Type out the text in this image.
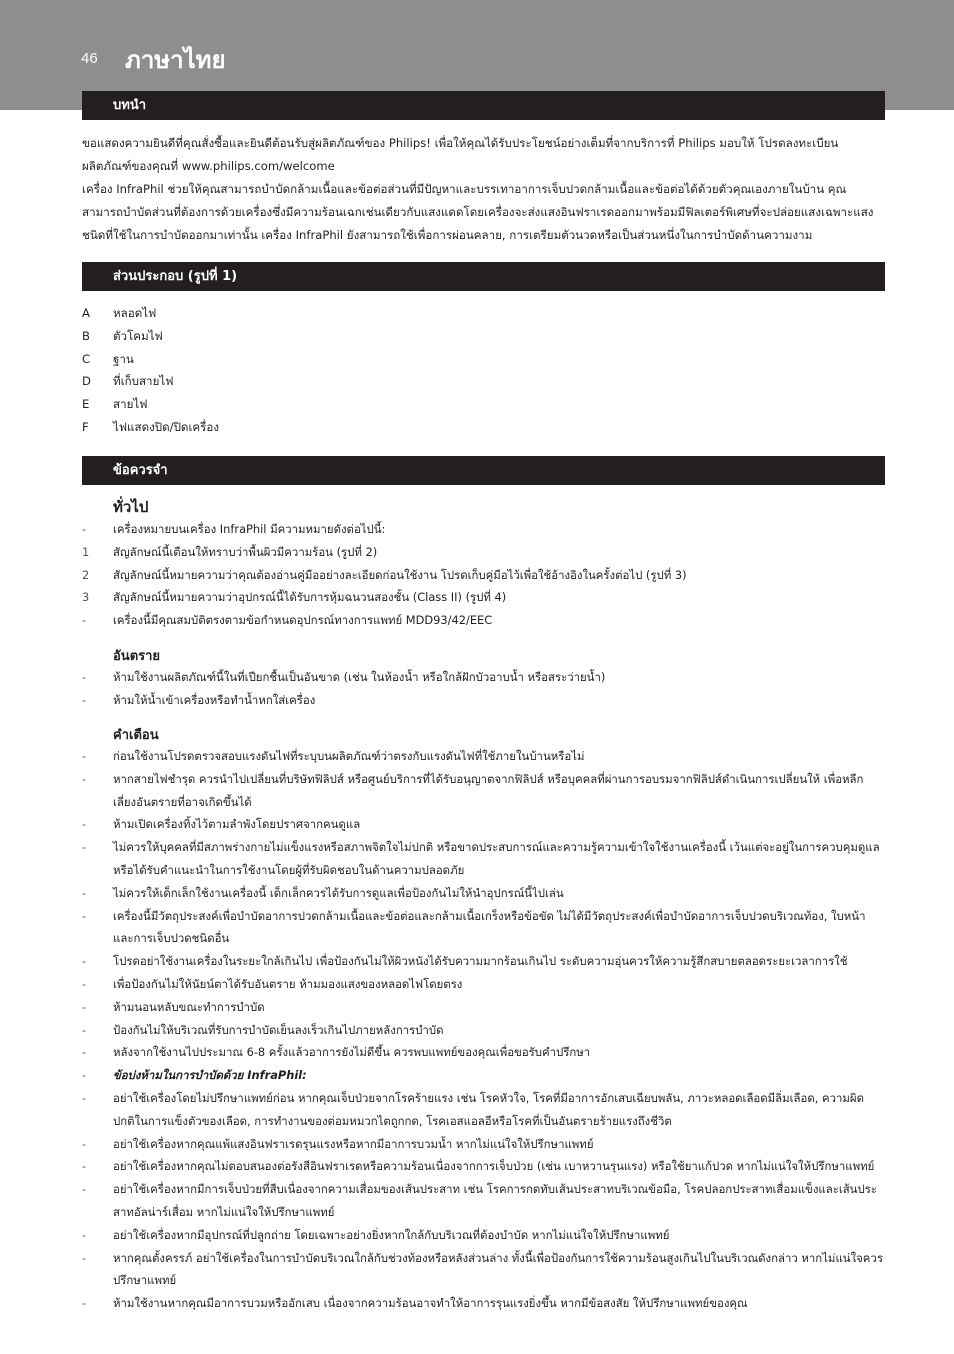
46 ภาษาไทย
บทนำ

ขอแสดงความยินดีที่คุณสั่งซื้อและยินดีต้อนรับสู่ผลิตภัณฑ์ของ Philips! เพื่อให้คุณได้รับประโยชน์อย่างเต็มที่จากบริการที่ Philips มอบให้ โปรดลงทะเบียนผลิตภัณฑ์ของคุณที่ www.philips.com/welcome

เครื่อง InfraPhil ช่วยให้คุณสามารถบำบัดกล้ามเนื้อและข้อต่อส่วนที่มีปัญหาและบรรเทาอาการเจ็บปวดกล้ามเนื้อและข้อต่อได้ด้วยตัวคุณเองภายในบ้าน คุณสามารถบำบัดส่วนที่ต้องการด้วยเครื่องซึ่งมีความร้อนเฉกเช่นเดียวกับแสงแดดโดยเครื่องจะส่งแสงอินฟราเรดออกมาพร้อมมีฟิลเตอร์พิเศษที่จะปล่อยแสงเฉพาะแสงชนิดที่ใช้ในการบำบัดออกมาเท่านั้น เครื่อง InfraPhil ยังสามารถใช้เพื่อการผ่อนคลาย, การเตรียมตัวนวดหรือเป็นส่วนหนึ่งในการบำบัดด้านความงาม

ส่วนประกอบ (รูปที่ 1)
A	หลอดไฟ
B	ตัวโคมไฟ
C	ฐาน
D	ที่เก็บสายไฟ
E	สายไฟ
F	ไฟแสดงปิด/ปิดเครื่อง
ข้อควรจำ
ทั่วไป
-	เครื่องหมายบนเครื่อง InfraPhil มีความหมายดังต่อไปนี้:
1	สัญลักษณ์นี้เตือนให้ทราบว่าพื้นผิวมีความร้อน (รูปที่ 2)
2	สัญลักษณ์นี้หมายความว่าคุณต้องอ่านคู่มืออย่างละเอียดก่อนใช้งาน โปรดเก็บคู่มือไว้เพื่อใช้อ้างอิงในครั้งต่อไป (รูปที่ 3)
3	สัญลักษณ์นี้หมายความว่าอุปกรณ์นี้ได้รับการหุ้มฉนวนสองชั้น (Class II) (รูปที่ 4)
-	เครื่องนี้มีคุณสมบัติตรงตามข้อกำหนดอุปกรณ์ทางการแพทย์ MDD93/42/EEC
อันตราย
-	ห้ามใช้งานผลิตภัณฑ์นี้ในที่เปียกชื้นเป็นอันขาด (เช่น ในห้องน้ำ หรือใกล้ฝักบัวอาบน้ำ หรือสระว่ายน้ำ)
-	ห้ามให้น้ำเข้าเครื่องหรือทำน้ำหกใส่เครื่อง
คำเตือน
-	ก่อนใช้งานโปรดตรวจสอบแรงดันไฟที่ระบุบนผลิตภัณฑ์ว่าตรงกับแรงดันไฟที่ใช้ภายในบ้านหรือไม่
-	หากสายไฟชำรุด ควรนำไปเปลี่ยนที่บริษัทฟิลิปส์ หรือศูนย์บริการที่ได้รับอนุญาตจากฟิลิปส์ หรือบุคคลที่ผ่านการอบรมจากฟิลิปส์ดำเนินการเปลี่ยนให้ เพื่อหลีกเลี่ยงอันตรายที่อาจเกิดขึ้นได้
-	ห้ามเปิดเครื่องทิ้งไว้ตามลำพังโดยปราศจากคนดูแล
-	ไม่ควรให้บุคคลที่มีสภาพร่างกายไม่แข็งแรงหรือสภาพจิตใจไม่ปกติ หรือขาดประสบการณ์และความรู้ความเข้าใจใช้งานเครื่องนี้ เว้นแต่จะอยู่ในการควบคุมดูแลหรือได้รับคำแนะนำในการใช้งานโดยผู้ที่รับผิดชอบในด้านความปลอดภัย
-	ไม่ควรให้เด็กเล็กใช้งานเครื่องนี้ เด็กเล็กควรได้รับการดูแลเพื่อป้องกันไม่ให้นำอุปกรณ์นี้ไปเล่น
-	เครื่องนี้มีวัตถุประสงค์เพื่อบำบัดอาการปวดกล้ามเนื้อและข้อต่อและกล้ามเนื้อเกร็งหรือข้อขัด ไม่ได้มีวัตถุประสงค์เพื่อบำบัดอาการเจ็บปวดบริเวณท้อง, ใบหน้าและการเจ็บปวดชนิดอื่น
-	โปรดอย่าใช้งานเครื่องในระยะใกล้เกินไป เพื่อป้องกันไม่ให้ผิวหนังได้รับความมากร้อนเกินไป ระดับความอุ่นควรให้ความรู้สึกสบายตลอดระยะเวลาการใช้
-	เพื่อป้องกันไม่ให้นัยน์ตาได้รับอันตราย ห้ามมองแสงของหลอดไฟโดยตรง
-	ห้ามนอนหลับขณะทำการบำบัด
-	ป้องกันไม่ให้บริเวณที่รับการบำบัดเย็นลงเร็วเกินไปภายหลังการบำบัด
-	หลังจากใช้งานไปประมาณ 6-8 ครั้งแล้วอาการยังไม่ดีขึ้น ควรพบแพทย์ของคุณเพื่อขอรับคำปรึกษา
-	ข้อบ่งห้ามในการบำบัดด้วย InfraPhil:
-	อย่าใช้เครื่องโดยไม่ปรึกษาแพทย์ก่อน หากคุณเจ็บป่วยจากโรคร้ายแรง เช่น โรคหัวใจ, โรคที่มีอาการอักเสบเฉียบพลัน, ภาวะหลอดเลือดมีลิ่มเลือด, ความผิดปกติในการแข็งตัวของเลือด, การทำงานของต่อมหมวกไตถูกกด, โรคเอสแอลอีหรือโรคที่เป็นอันตรายร้ายแรงถึงชีวิต
-	อย่าใช้เครื่องหากคุณแพ้แสงอินฟราเรดรุนแรงหรือหากมีอาการบวมน้ำ หากไม่แน่ใจให้ปรึกษาแพทย์
-	อย่าใช้เครื่องหากคุณไม่ตอบสนองต่อรังสีอินฟราเรดหรือความร้อนเนื่องจากการเจ็บป่วย (เช่น เบาหวานรุนแรง) หรือใช้ยาแก้ปวด หากไม่แน่ใจให้ปรึกษาแพทย์
-	อย่าใช้เครื่องหากมีการเจ็บป่วยที่สืบเนื่องจากความเสื่อมของเส้นประสาท เช่น โรคการกดทับเส้นประสาทบริเวณข้อมือ, โรคปลอกประสาทเสื่อมแข็งและเส้นประสาทอัลน่าร์เสื่อม หากไม่แน่ใจให้ปรึกษาแพทย์
-	อย่าใช้เครื่องหากมีอุปกรณ์ที่ปลูกถ่าย โดยเฉพาะอย่างยิ่งหากใกล้กับบริเวณที่ต้องบำบัด หากไม่แน่ใจให้ปรึกษาแพทย์
-	หากคุณตั้งครรภ์ อย่าใช้เครื่องในการบำบัดบริเวณใกล้กับช่วงท้องหรือหลังส่วนล่าง ทั้งนี้เพื่อป้องกันการใช้ความร้อนสูงเกินไปในบริเวณดังกล่าว หากไม่แน่ใจควรปรึกษาแพทย์
-	ห้ามใช้งานหากคุณมีอาการบวมหรืออักเสบ เนื่องจากความร้อนอาจทำให้อาการรุนแรงยิ่งขึ้น หากมีข้อสงสัย ให้ปรึกษาแพทย์ของคุณ
